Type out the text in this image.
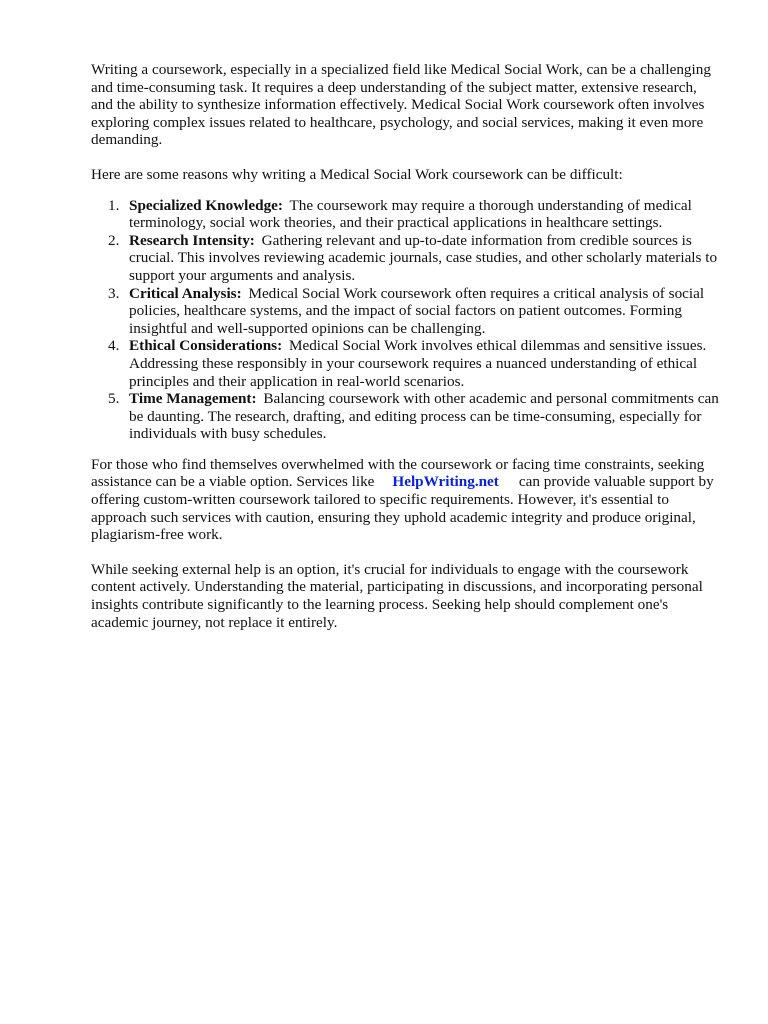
Writing a coursework, especially in a specialized field like Medical Social Work, can be a challenging and time-consuming task. It requires a deep understanding of the subject matter, extensive research, and the ability to synthesize information effectively. Medical Social Work coursework often involves exploring complex issues related to healthcare, psychology, and social services, making it even more demanding.

Here are some reasons why writing a Medical Social Work coursework can be difficult:

1. Specialized Knowledge: The coursework may require a thorough understanding of medical terminology, social work theories, and their practical applications in healthcare settings.
2. Research Intensity: Gathering relevant and up-to-date information from credible sources is crucial. This involves reviewing academic journals, case studies, and other scholarly materials to support your arguments and analysis.
3. Critical Analysis: Medical Social Work coursework often requires a critical analysis of social policies, healthcare systems, and the impact of social factors on patient outcomes. Forming insightful and well-supported opinions can be challenging.
4. Ethical Considerations: Medical Social Work involves ethical dilemmas and sensitive issues. Addressing these responsibly in your coursework requires a nuanced understanding of ethical principles and their application in real-world scenarios.
5. Time Management: Balancing coursework with other academic and personal commitments can be daunting. The research, drafting, and editing process can be time-consuming, especially for individuals with busy schedules.

For those who find themselves overwhelmed with the coursework or facing time constraints, seeking assistance can be a viable option. Services like HelpWriting.net can provide valuable support by offering custom-written coursework tailored to specific requirements. However, it's essential to approach such services with caution, ensuring they uphold academic integrity and produce original, plagiarism-free work.

While seeking external help is an option, it's crucial for individuals to engage with the coursework content actively. Understanding the material, participating in discussions, and incorporating personal insights contribute significantly to the learning process. Seeking help should complement one's academic journey, not replace it entirely.
